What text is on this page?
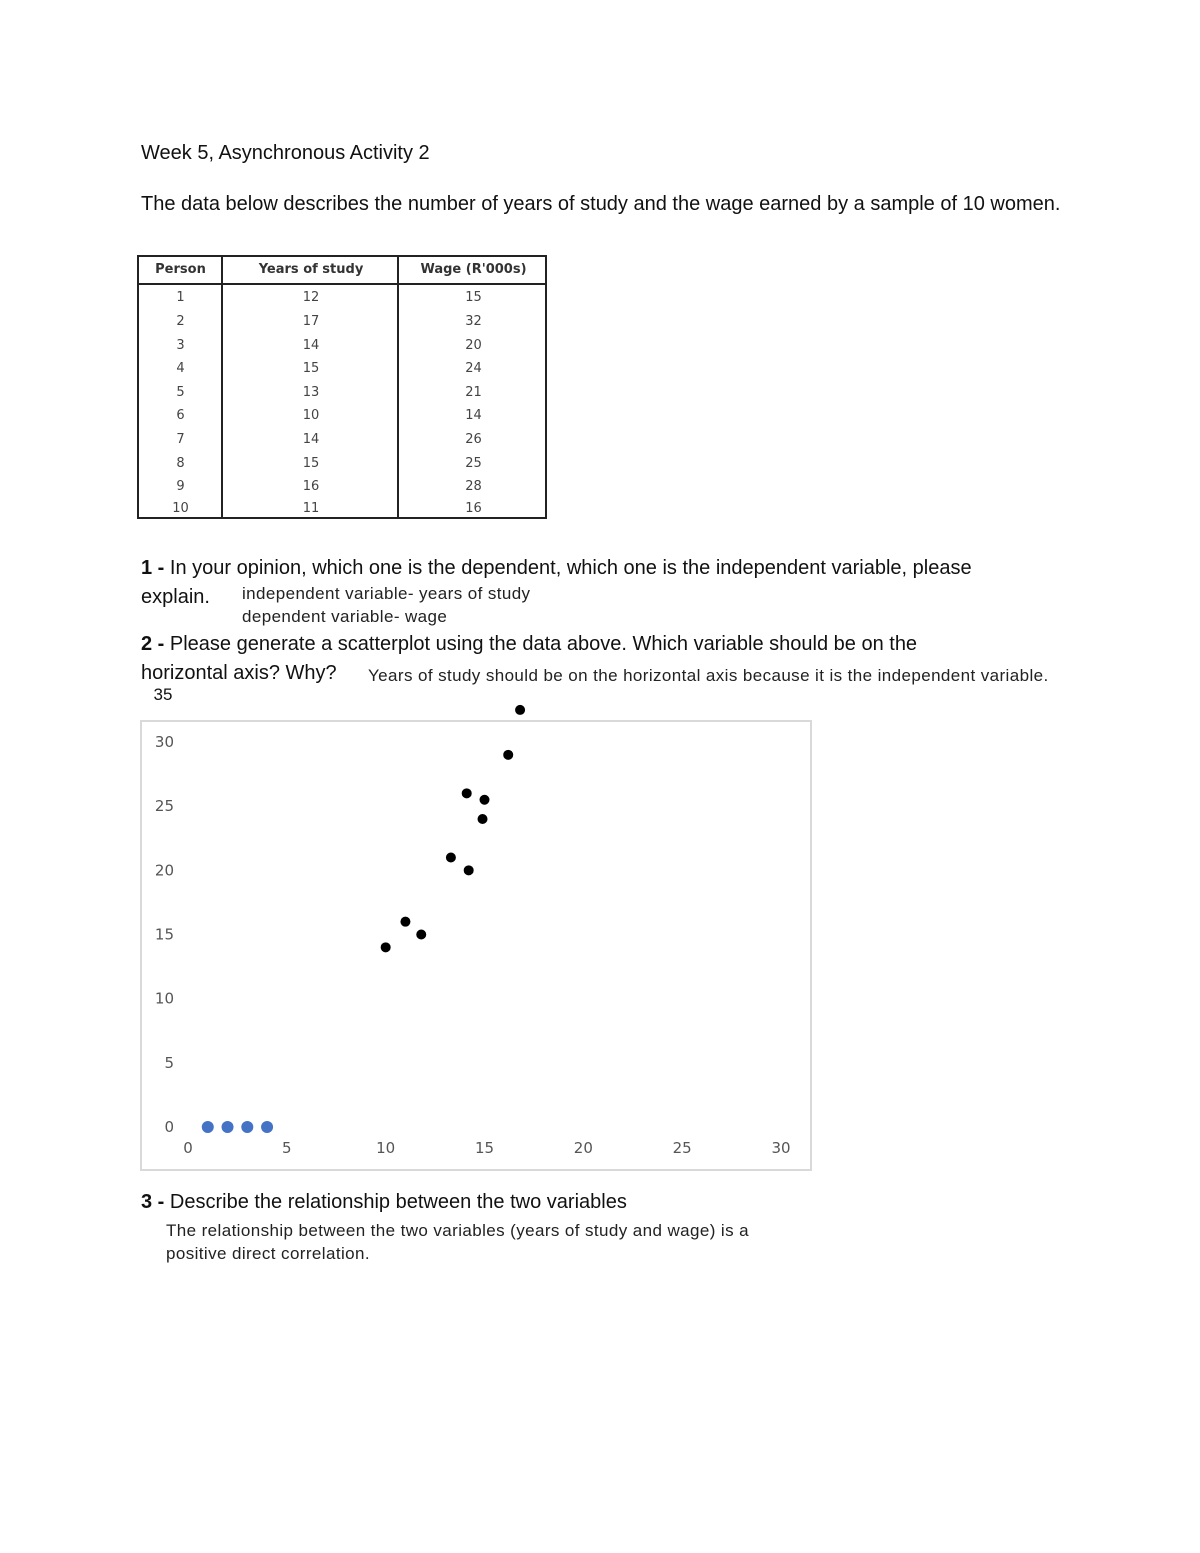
Week 5, Asynchronous Activity 2
The data below describes the number of years of study and the wage earned by a sample of 10 women.
Person	Years of study	Wage (R'000s)
1	12	15
2	17	32
3	14	20
4	15	24
5	13	21
6	10	14
7	14	26
8	15	25
9	16	28
10	11	16
1 - In your opinion, which one is the dependent, which one is the independent variable, please
explain. independent variable- years of study
dependent variable- wage
2 - Please generate a scatterplot using the data above. Which variable should be on the
horizontal axis? Why? Years of study should be on the horizontal axis because it is the independent variable.
0	5	10	15	20	25	30
0
5
10
15
20
25
30
35
3 - Describe the relationship between the two variables
The relationship between the two variables (years of study and wage) is a
positive direct correlation.
